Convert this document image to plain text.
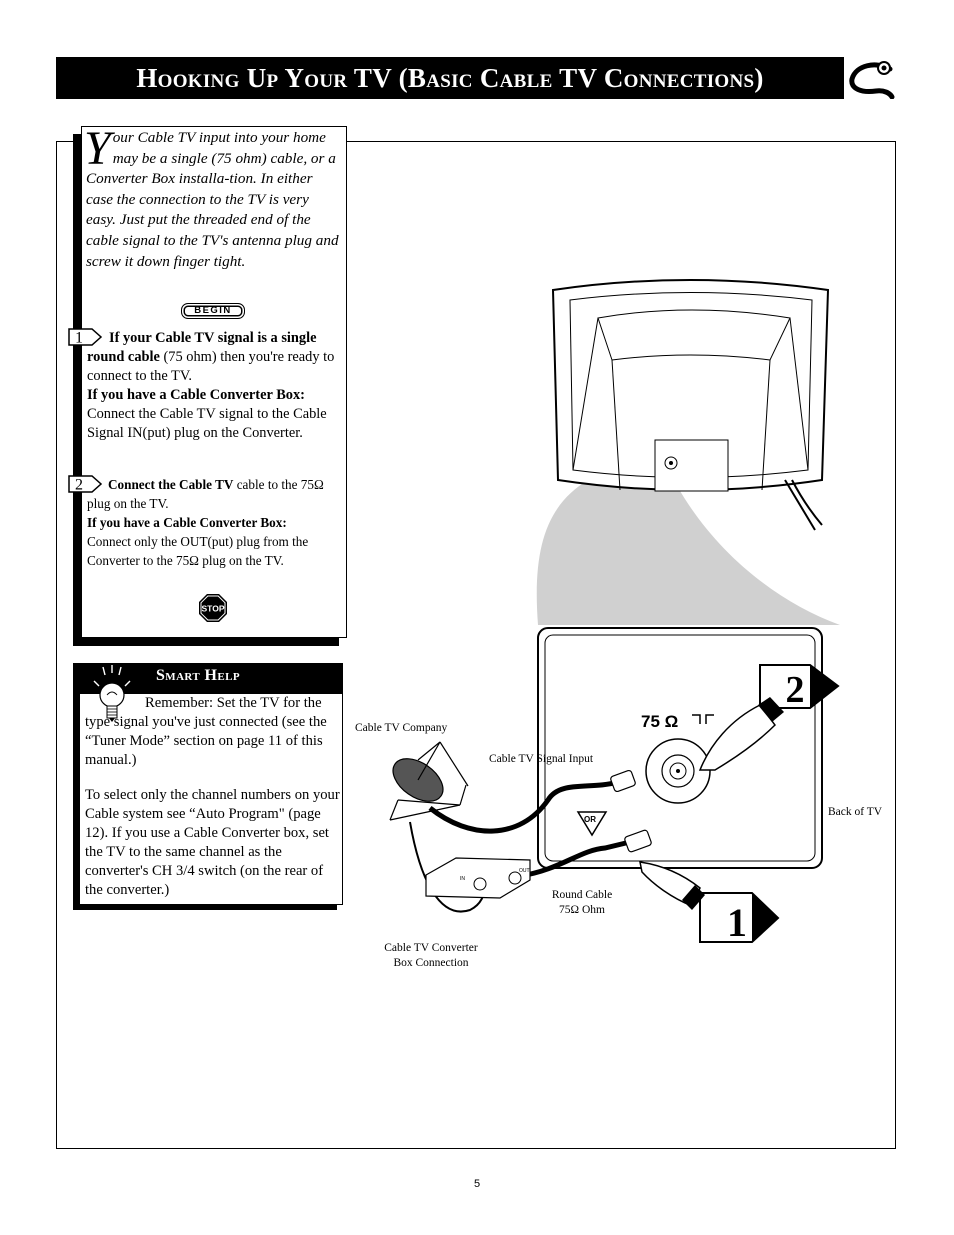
Hooking Up Your TV (Basic Cable TV Connections)
Your Cable TV input into your home may be a single (75 ohm) cable, or a Converter Box installa-tion. In either case the connection to the TV is very easy. Just put the threaded end of the cable signal to the TV's antenna plug and screw it down finger tight.
BEGIN
1	If your Cable TV signal is a single round cable (75 ohm) then you're ready to connect to the TV.
If you have a Cable Converter Box:
Connect the Cable TV signal to the Cable Signal IN(put) plug on the Converter.
2	Connect the Cable TV cable to the 75Ω plug on the TV.
If you have a Cable Converter Box:
Connect only the OUT(put) plug from the Converter to the 75Ω plug on the TV.
STOP
Smart Help
Remember: Set the TV for the type signal you've just connected (see the “Tuner Mode” section on page 11 of this manual.)
To select only the channel numbers on your Cable system see “Auto Program" (page 12). If you use a Cable Converter box, set the TV to the same channel as the converter's CH 3/4 switch (on the rear of the converter.)
75 Ω
IN
OUT
OR
2
1
Cable TV Company
Cable TV Signal Input
Back of TV
Round Cable
75Ω Ohm
Cable TV Converter
Box Connection
5
